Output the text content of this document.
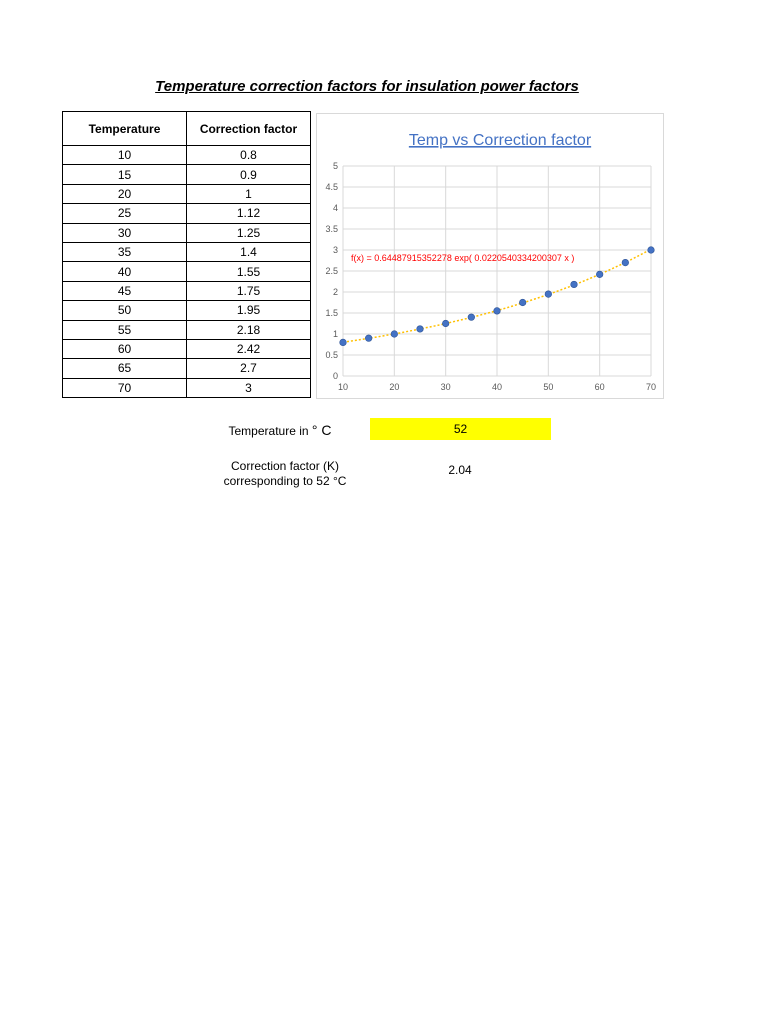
Temperature correction factors for insulation power factors
Temperature	Correction factor
10	0.8
15	0.9
20	1
25	1.12
30	1.25
35	1.4
40	1.55
45	1.75
50	1.95
55	2.18
60	2.42
65	2.7
70	3
Temp vs Correction factor
0
0.5
1
1.5
2
2.5
3
3.5
4
4.5
5
10	20	30	40	50	60	70
f(x) = 0.64487915352278 exp( 0.0220540334200307 x )
Temperature in ° C	52
Correction factor (K)
corresponding to 52 °C
2.04
